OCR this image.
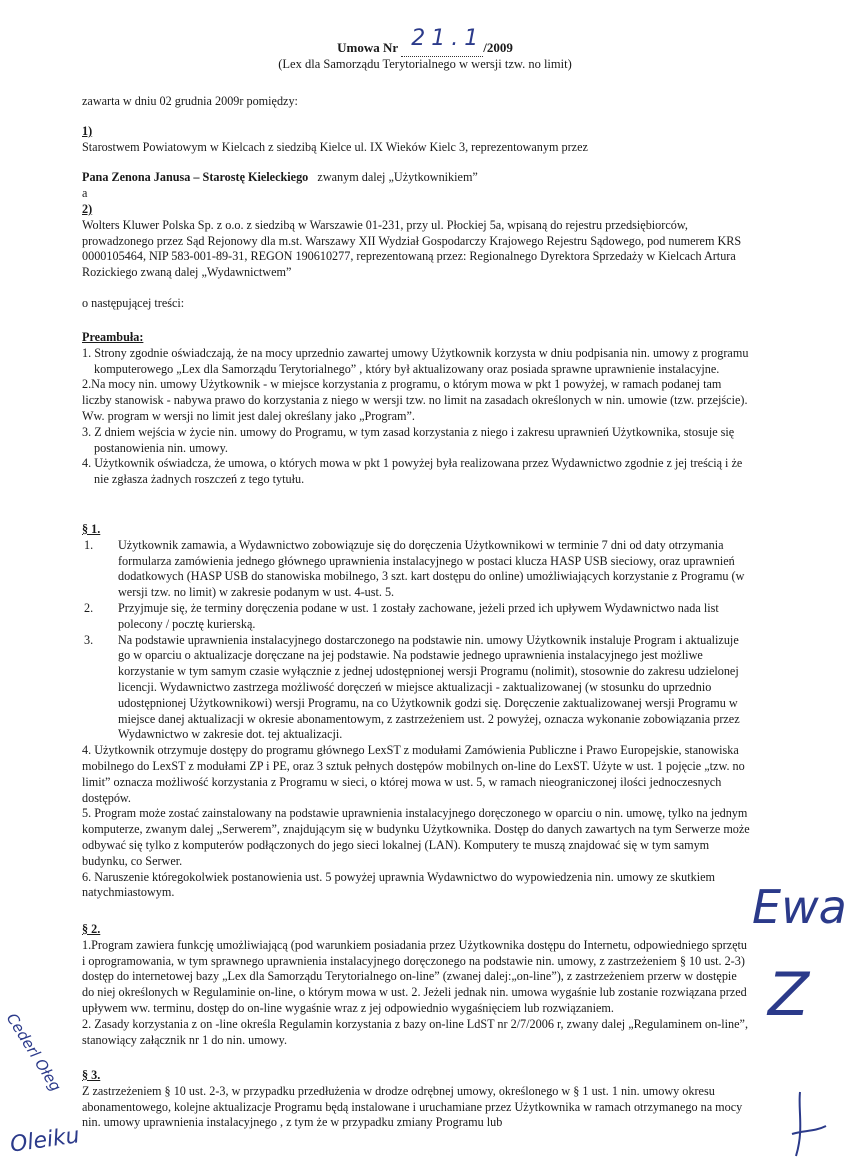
Umowa Nr 21.1 /2009
(Lex dla Samorządu Terytorialnego w wersji tzw. no limit)
zawarta w dniu 02 grudnia 2009r pomiędzy:

1)

Starostwem Powiatowym w Kielcach z siedzibą Kielce ul. IX Wieków Kielc 3, reprezentowanym przez

Pana Zenona Janusa – Starostę Kieleckiego zwanym dalej „Użytkownikiem”

a

2)

Wolters Kluwer Polska Sp. z o.o. z siedzibą w Warszawie 01-231, przy ul. Płockiej 5a, wpisaną do rejestru przedsiębiorców, prowadzonego przez Sąd Rejonowy dla m.st. Warszawy XII Wydział Gospodarczy Krajowego Rejestru Sądowego, pod numerem KRS 0000105464, NIP 583-001-89-31, REGON 190610277, reprezentowaną przez: Regionalnego Dyrektora Sprzedaży w Kielcach Artura Rozickiego zwaną dalej „Wydawnictwem”

o następującej treści:

Preambuła:

1. Strony zgodnie oświadczają, że na mocy uprzednio zawartej umowy Użytkownik korzysta w dniu podpisania nin. umowy z programu komputerowego „Lex dla Samorządu Terytorialnego” , który był aktualizowany oraz posiada sprawne uprawnienie instalacyjne.

2.Na mocy nin. umowy Użytkownik - w miejsce korzystania z programu, o którym mowa w pkt 1 powyżej, w ramach podanej tam liczby stanowisk - nabywa prawo do korzystania z niego w wersji tzw. no limit na zasadach określonych w nin. umowie (tzw. przejście). Ww. program w wersji no limit jest dalej określany jako „Program”.

3. Z dniem wejścia w życie nin. umowy do Programu, w tym zasad korzystania z niego i zakresu uprawnień Użytkownika, stosuje się postanowienia nin. umowy.

4. Użytkownik oświadcza, że umowa, o których mowa w pkt 1 powyżej była realizowana przez Wydawnictwo zgodnie z jej treścią i że nie zgłasza żadnych roszczeń z tego tytułu.

§ 1.

1.	Użytkownik zamawia, a Wydawnictwo zobowiązuje się do doręczenia Użytkownikowi w terminie 7 dni od daty otrzymania formularza zamówienia jednego głównego uprawnienia instalacyjnego w postaci klucza HASP USB sieciowy, oraz uprawnień dodatkowych (HASP USB do stanowiska mobilnego, 3 szt. kart dostępu do online) umożliwiających korzystanie z Programu (w wersji tzw. no limit) w zakresie podanym w ust. 4-ust. 5.
2.	Przyjmuje się, że terminy doręczenia podane w ust. 1 zostały zachowane, jeżeli przed ich upływem Wydawnictwo nada list polecony / pocztę kurierską.
3.	Na podstawie uprawnienia instalacyjnego dostarczonego na podstawie nin. umowy Użytkownik instaluje Program i aktualizuje go w oparciu o aktualizacje doręczane na jej podstawie. Na podstawie jednego uprawnienia instalacyjnego jest możliwe korzystanie w tym samym czasie wyłącznie z jednej udostępnionej wersji Programu (nolimit), stosownie do zakresu udzielonej licencji. Wydawnictwo zastrzega możliwość doręczeń w miejsce aktualizacji - zaktualizowanej (w stosunku do uprzednio udostępnionej Użytkownikowi) wersji Programu, na co Użytkownik godzi się. Doręczenie zaktualizowanej wersji Programu w miejsce danej aktualizacji w okresie abonamentowym, z zastrzeżeniem ust. 2 powyżej, oznacza wykonanie zobowiązania przez Wydawnictwo w zakresie dot. tej aktualizacji.

4. Użytkownik otrzymuje dostępy do programu głównego LexST z modułami Zamówienia Publiczne i Prawo Europejskie, stanowiska mobilnego do LexST z modułami ZP i PE, oraz 3 sztuk pełnych dostępów mobilnych on-line do LexST. Użyte w ust. 1 pojęcie „tzw. no limit” oznacza możliwość korzystania z Programu w sieci, o której mowa w ust. 5, w ramach nieograniczonej ilości jednoczesnych dostępów.

5. Program może zostać zainstalowany na podstawie uprawnienia instalacyjnego doręczonego w oparciu o nin. umowę, tylko na jednym komputerze, zwanym dalej „Serwerem”, znajdującym się w budynku Użytkownika. Dostęp do danych zawartych na tym Serwerze może odbywać się tylko z komputerów podłączonych do jego sieci lokalnej (LAN). Komputery te muszą znajdować się w tym samym budynku, co Serwer.

6. Naruszenie któregokolwiek postanowienia ust. 5 powyżej uprawnia Wydawnictwo do wypowiedzenia nin. umowy ze skutkiem natychmiastowym.

§ 2.

1.Program zawiera funkcję umożliwiającą (pod warunkiem posiadania przez Użytkownika dostępu do Internetu, odpowiedniego sprzętu i oprogramowania, w tym sprawnego uprawnienia instalacyjnego doręczonego na podstawie nin. umowy, z zastrzeżeniem § 10 ust. 2-3) dostęp do internetowej bazy „Lex dla Samorządu Terytorialnego on-line” (zwanej dalej:„on-line”), z zastrzeżeniem przerw w dostępie do niej określonych w Regulaminie on-line, o którym mowa w ust. 2. Jeżeli jednak nin. umowa wygaśnie lub zostanie rozwiązana przed upływem ww. terminu, dostęp do on-line wygaśnie wraz z jej odpowiednio wygaśnięciem lub rozwiązaniem.

2. Zasady korzystania z on -line określa Regulamin korzystania z bazy on-line LdST nr 2/7/2006 r, zwany dalej „Regulaminem on-line”, stanowiący załącznik nr 1 do nin. umowy.

§ 3.

Z zastrzeżeniem § 10 ust. 2-3, w przypadku przedłużenia w drodze odrębnej umowy, określonego w § 1 ust. 1 nin. umowy okresu abonamentowego, kolejne aktualizacje Programu będą instalowane i uruchamiane przez Użytkownika w ramach otrzymanego na mocy nin. umowy uprawnienia instalacyjnego , z tym że w przypadku zmiany Programu lub

Ewa
Z
Cederl Ołeg
Oleiku
